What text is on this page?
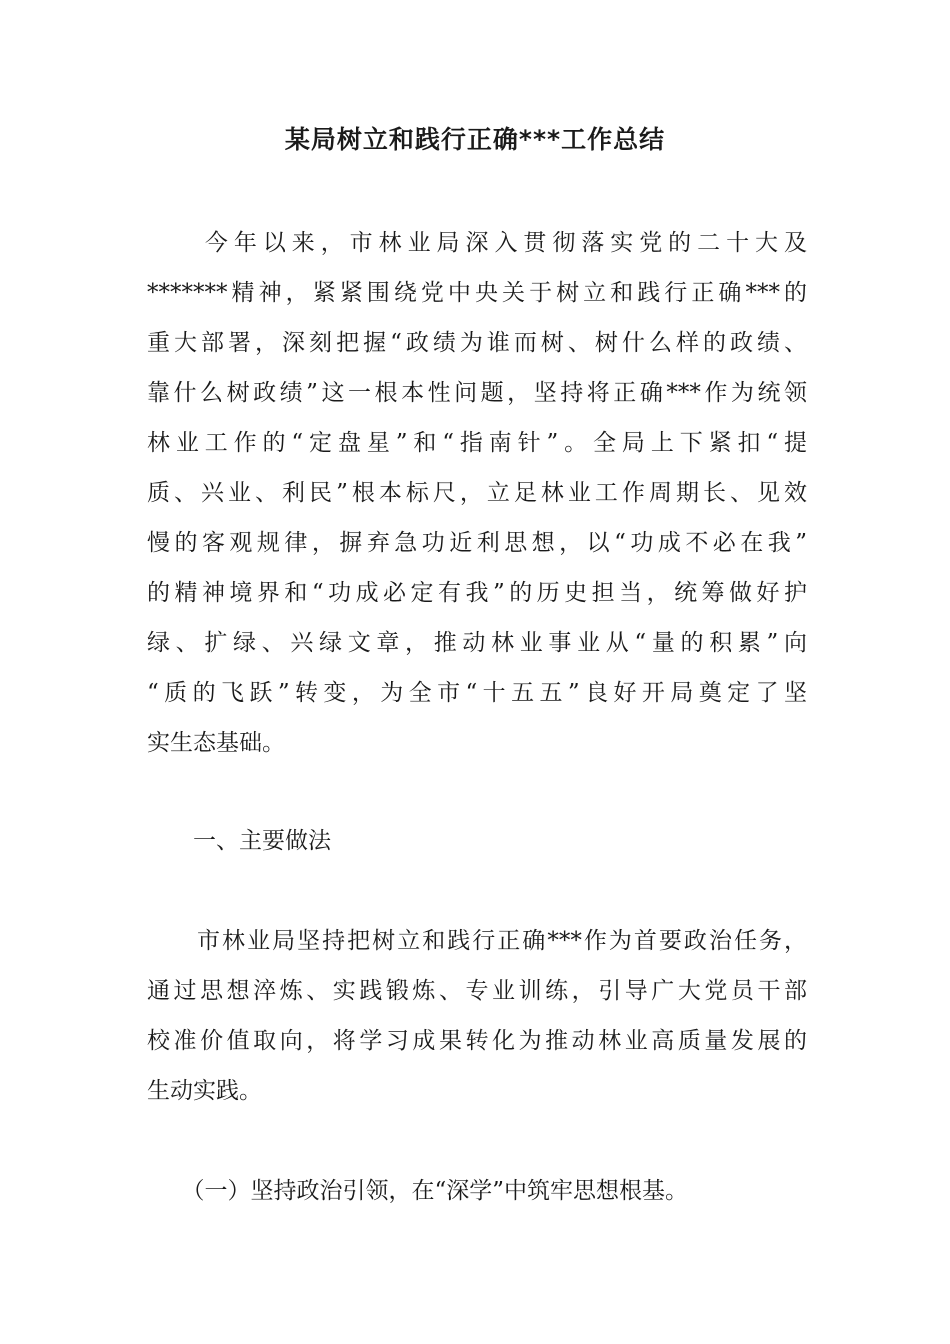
某局树立和践行正确***工作总结
　　今年以来，市林业局深入贯彻落实党的二十大及
*******精神，紧紧围绕党中央关于树立和践行正确***的
重大部署，深刻把握“政绩为谁而树、树什么样的政绩、
靠什么树政绩”这一根本性问题，坚持将正确***作为统领
林业工作的“定盘星”和“指南针”。全局上下紧扣“提
质、兴业、利民”根本标尺，立足林业工作周期长、见效
慢的客观规律，摒弃急功近利思想，以“功成不必在我”
的精神境界和“功成必定有我”的历史担当，统筹做好护
绿、扩绿、兴绿文章，推动林业事业从“量的积累”向
“质的飞跃”转变，为全市“十五五”良好开局奠定了坚
实生态基础。
　　一、主要做法
　　市林业局坚持把树立和践行正确***作为首要政治任务，
通过思想淬炼、实践锻炼、专业训练，引导广大党员干部
校准价值取向，将学习成果转化为推动林业高质量发展的
生动实践。
　　（一）坚持政治引领，在“深学”中筑牢思想根基。
